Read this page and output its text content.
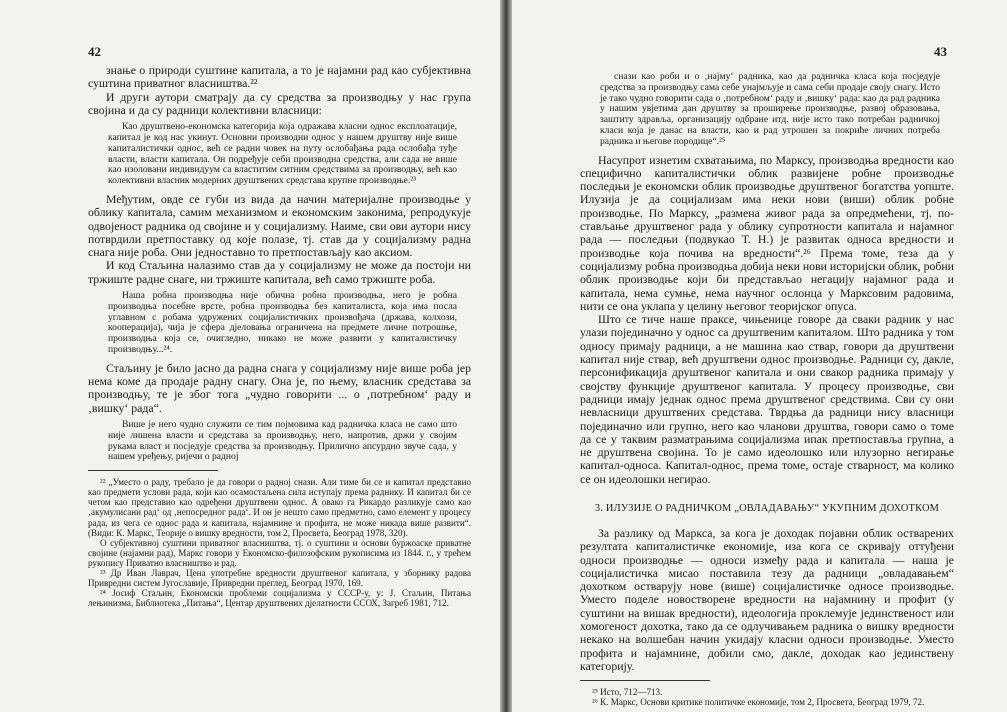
42

знање о природи суштине капитала, а то је најамни рад као субјективна суштина приватног власништва.²²

И други аутори сматрају да су средства за производњу у нас група својина и да су радници колективни власници:

Као друштвено-економска категорија која одражава класни однос експлоатације, капитал је код нас укинут. Основни производни однос у нашем друштву није више капиталистички однос, већ се радни човек на путу ослобађања рада ослобађа туђе власти, власти капитала. Он подређује себи производна средства, али сада не више као изоловани индивидуум са властитим ситним средствима за производњу, већ као колективни власник модерних друштвених средстава крупне производње.²³

Међутим, овде се губи из вида да начин материјалне производње у облику капитала, самим механизмом и економским законима, репродукује одвојеност радника од својине и у социјализму. Наиме, сви ови аутори нису потврдили претпоставку од које полазе, тј. став да у социјализму радна снага није роба. Они једноставно то претпостављају као аксиом.

И код Стаљина налазимо став да у социјализму не може да постоји ни тржиште радне снаге, ни тржиште капитала, већ само тржиште роба.

Наша робна производња није обична робна производња, него је робна производња посебне врсте, робна производња без капиталиста, која има посла углавном с робама удружених социјалистичких произвођача (држава, колхози, кооперација), чија је сфера дјеловања ограничена на предмете личне потрошње, производња која се, очигледно, никако не може развити у капиталистичку производњу...²⁴.

Стаљину је било јасно да радна снага у социјализму није више роба јер нема коме да продаје радну снагу. Она је, по њему, власник средстава за производњу, те је због тога „чудно говорити ... о ‚потребном‘ раду и ‚вишку‘ рада“.

Више је него чудно служити се тим појмовима кад радничка класа не само што није лишена власти и средстава за производњу, него, напротив, држи у својим рукама власт и посједује средства за производњу. Прилично апсурдно звуче сада, у нашем уређењу, ријечи о радној

²² „Уместо о раду, требало је да говори о радној снази. Али тиме би се и капитал представио као предмети услови рада, који као осамостаљена сила иступају према раднику. И капитал би се четом као представио као одређени друштвени однос. А овако га Рикардо разликује само као ‚акумулисани рад‘ од ‚непосредног рада‘. И он је нешто само предметно, само елемент у процесу рада, из чега се однос рада и капитала, најамнине и профита, не може никада више развити“. (Види: К. Маркс, Теорије о вишку вредности, том 2, Просвета, Београд 1978, 320).

О субјективној суштини приватног власништва, тј. о суштини и основи буржоаске приватне својине (најамни рад), Маркс говори у Економско-филозофским рукописима из 1844. г., у трећем рукопису Приватно власништво и рад.

²³ Др Иван Лаврач, Цена употребне вредности друштвеног капитала, у зборнику радова Привредни систем Југославије, Привредни преглед, Београд 1970, 169.

²⁴ Јосиф Стаљин, Економски проблеми социјализма у СССР-у, у: Ј. Стаљин, Питања лењинизма, Библиотека „Питања“, Центар друштвених дјелатности ССОХ, Загреб 1981, 712.

43

снази као роби и о ‚најму‘ радника, као да радничка класа која посједује средства за производњу сама себе унајмљује и сама себи продаје своју снагу. Исто је тако чудно говорити сада о ‚потребном‘ раду и ‚вишку‘ рада: као да рад радника у нашим увјетима дан друштву за проширење производње, развој образовања, заштиту здравља, организацију одбране итд. није исто тако потребан радничкој класи која је данас на власти, као и рад утрошен за покриће личних потреба радника и његове породице“.²⁵

Насупрот изнетим схватањима, по Марксу, производња вредности као специфично капиталистички облик развијене робне производње последњи је економски облик производње друштвеног богатства уопште. Илузија је да социјализам има неки нови (виши) облик робне производње. По Марксу, „размена живог рада за опредмећени, тј. постављање друштвеног рада у облику супротности капитала и најамног рада — последњи (подвукао Т. Н.) је развитак односа вредности и производње која почива на вредности“.²⁶ Према томе, теза да у социјализму робна производња добија неки нови историјски облик, робни облик производње који би представљао негацију најамног рада и капитала, нема сумње, нема научног ослонца у Марксовим радовима, нити се она уклапа у целину његовог теоријског опуса.

Што се тиче наше праксе, чињенице говоре да сваки радник у нас улази појединачно у однос са друштвеним капиталом. Што радника у том односу примају радници, а не машина као ствар, говори да друштвени капитал није ствар, већ друштвени однос производње. Радници су, дакле, персонификација друштвеног капитала и они свакор радника примају у својству функције друштвеног капитала. У процесу производње, сви радници имају једнак однос према друштвеног средствима. Сви су они невласници друштвених средстава. Тврдња да радници нису власници појединачно или групно, него као чланови друштва, говори само о томе да се у таквим разматрањима социјализма ипак претпоставља групна, а не друштвена својина. То је само идеолошко или илузорно негирање капитал-односа. Капитал-однос, према томе, остаје стварност, ма колико се он идеолошки негирао.

3. ИЛУЗИЈЕ О РАДНИЧКОМ „ОВЛАДАВАЊУ“ УКУПНИМ ДОХОТКОМ

За разлику од Маркса, за кога је доходак појавни облик остварених резултата капиталистичке економије, иза кога се скривају оттуђени односи производње — односи између рада и капитала — наша је социјалистичка мисао поставила тезу да радници „овладавањем“ дохотком остварују нове (више) социјалистичке односе производње. Уместо поделе новостворене вредности на најамнину и профит (у суштини на вишак вредности), идеологија проклемује јединственост или хомогеност дохотка, тако да се одлучивањем радника о вишку вредности некако на волшебан начин укидају класни односи производње. Уместо профита и најамнине, добили смо, дакле, доходак као јединствену категорију.

²⁵ Исто, 712—713.

²⁶ К. Маркс, Основи критике политичке економије, том 2, Просвета, Београд 1979, 72.
